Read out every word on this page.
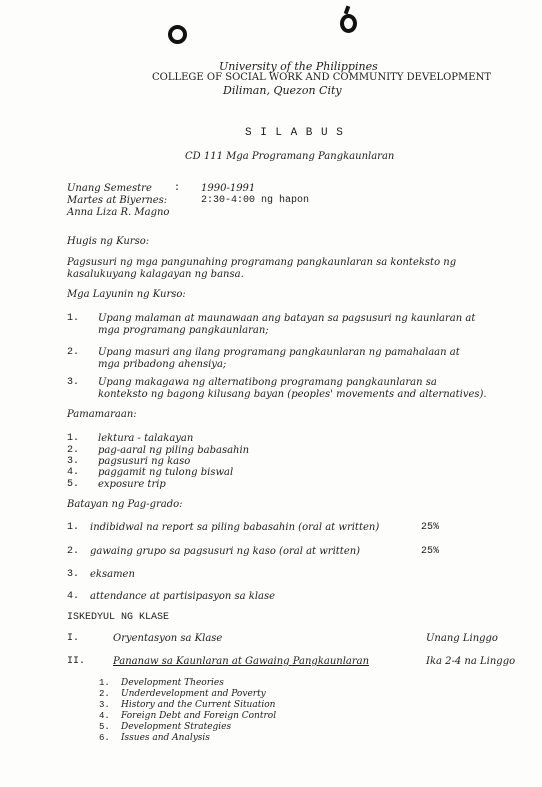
University of the Philippines
COLLEGE OF SOCIAL WORK AND COMMUNITY DEVELOPMENT
Diliman, Quezon City
S I L A B U S
CD 111 Mga Programang Pangkaunlaran
Unang Semestre : 1990-1991
Martes at Biyernes:	2:30-4:00 ng hapon
Anna Liza R. Magno
Hugis ng Kurso:
Pagsusuri ng mga pangunahing programang pangkaunlaran sa konteksto ng kasalukuyang kalagayan ng bansa.
Mga Layunin ng Kurso:
1. Upang malaman at maunawaan ang batayan sa pagsusuri ng kaunlaran at mga programang pangkaunlaran;
2. Upang masuri ang ilang programang pangkaunlaran ng pamahalaan at mga pribadong ahensiya;
3. Upang makagawa ng alternatibong programang pangkaunlaran sa konteksto ng bagong kilusang bayan (peoples' movements and alternatives).
Pamamaraan:
1. lektura - talakayan
2. pag-aaral ng piling babasahin
3. pagsusuri ng kaso
4. paggamit ng tulong biswal
5. exposure trip
Batayan ng Pag-grado:
1. indibidwal na report sa piling babasahin (oral at written)	25%
2. gawaing grupo sa pagsusuri ng kaso (oral at written)	25%
3. eksamen
4. attendance at partisipasyon sa klase
ISKEDYUL NG KLASE
I.	Oryentasyon sa Klase	Unang Linggo
II.	Pananaw sa Kaunlaran at Gawaing Pangkaunlaran	Ika 2-4 na Linggo
1. Development Theories
2. Underdevelopment and Poverty
3. History and the Current Situation
4. Foreign Debt and Foreign Control
5. Development Strategies
6. Issues and Analysis
